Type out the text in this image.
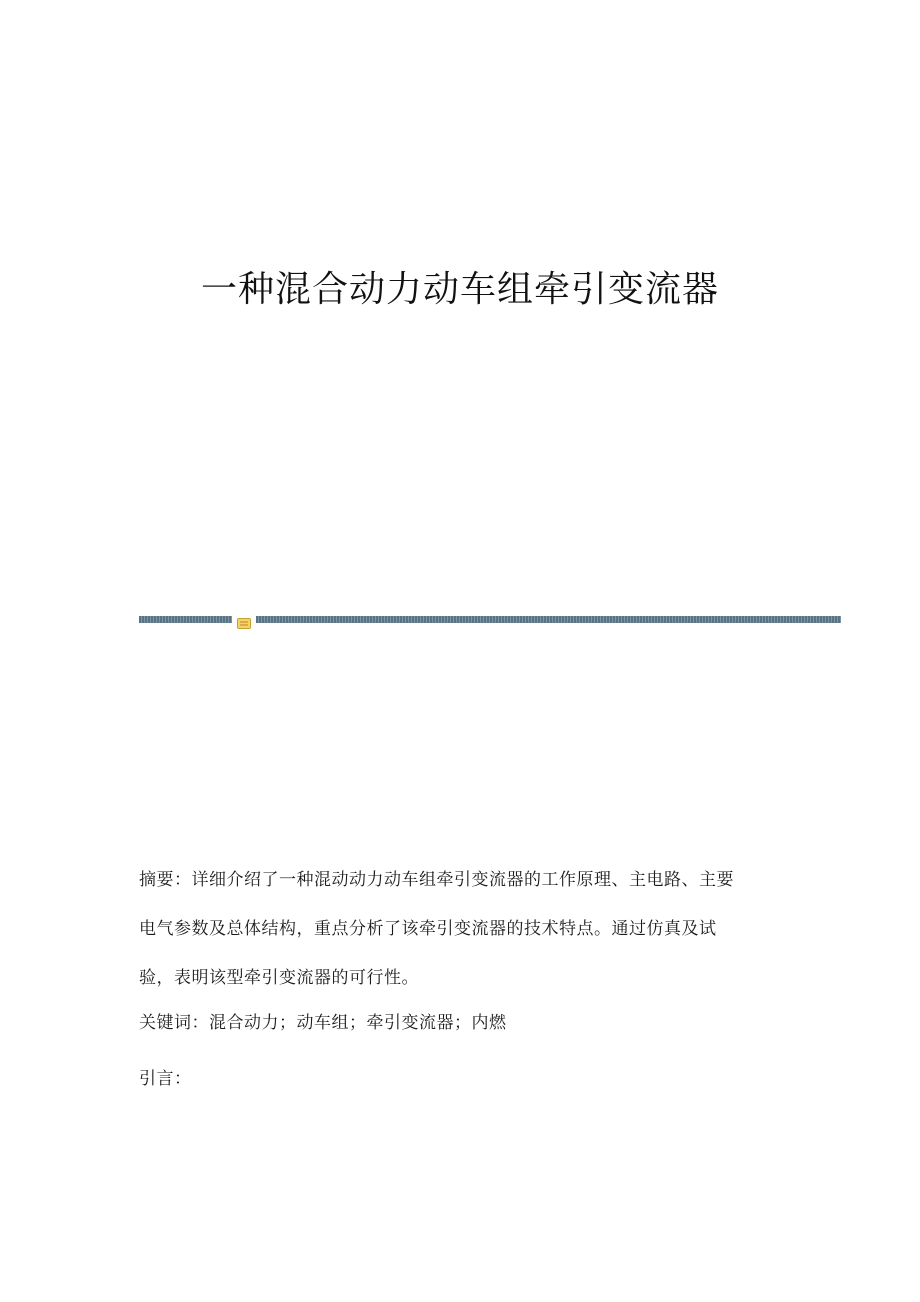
一种混合动力动车组牵引变流器
摘要：详细介绍了一种混动动力动车组牵引变流器的工作原理、主电路、主要
电气参数及总体结构，重点分析了该牵引变流器的技术特点。通过仿真及试
验，表明该型牵引变流器的可行性。
关键词：混合动力；动车组；牵引变流器；内燃
引言：
